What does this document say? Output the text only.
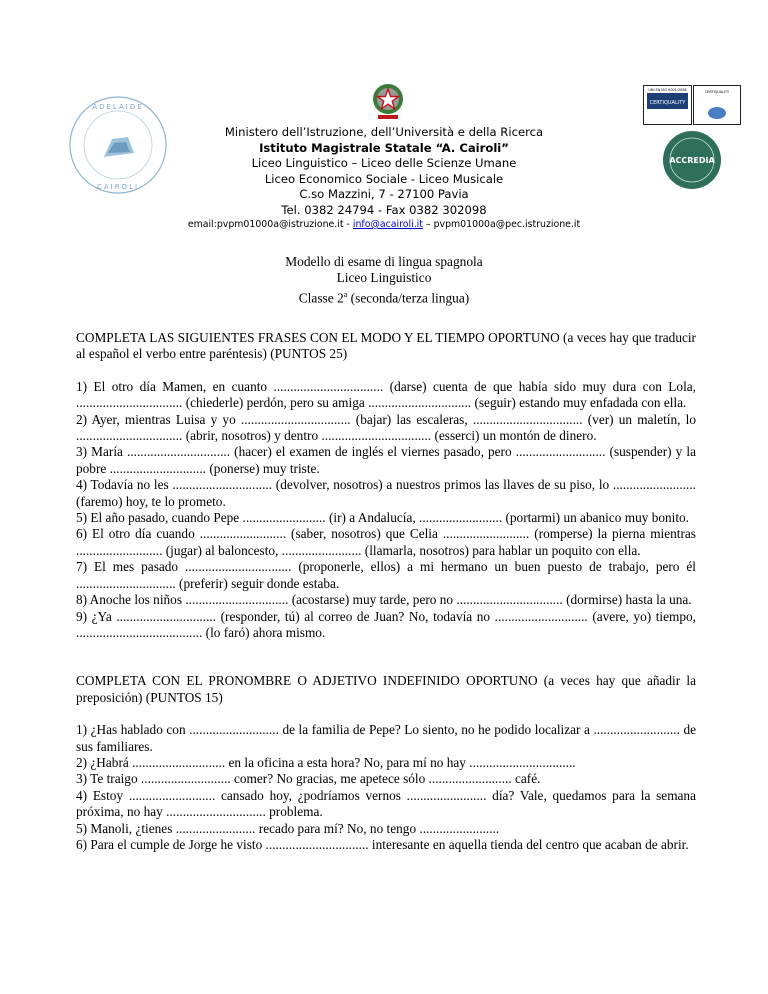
ADELAIDE
CAIROLI
CERTIQUALITY
UNI EN ISO 9001:2008	CERTIQUALITY
ACCREDIA
Ministero dell’Istruzione, dell’Università e della Ricerca
Istituto Magistrale Statale “A. Cairoli”
Liceo Linguistico – Liceo delle Scienze Umane
Liceo Economico Sociale - Liceo Musicale
C.so Mazzini, 7 - 27100 Pavia
Tel. 0382 24794 - Fax 0382 302098
email:pvpm01000a@istruzione.it - info@acairoli.it – pvpm01000a@pec.istruzione.it
Modello di esame di lingua spagnola
Liceo Linguistico
Classe 2$^a$ (seconda/terza lingua)

COMPLETA LAS SIGUIENTES FRASES CON EL MODO Y EL TIEMPO OPORTUNO (a veces hay que traducir al español el verbo entre paréntesis) (PUNTOS 25)

1) El otro día Mamen, en cuanto ................................. (darse) cuenta de que había sido muy dura con Lola, ................................ (chiederle) perdón, pero su amiga ............................... (seguir) estando muy enfadada con ella.

2) Ayer, mientras Luisa y yo ................................. (bajar) las escaleras, ................................. (ver) un maletín, lo ................................ (abrir, nosotros) y dentro ................................. (esserci) un montón de dinero.

3) María ............................... (hacer) el examen de inglés el viernes pasado, pero ........................... (suspender) y la pobre ............................. (ponerse) muy triste.

4) Todavía no les .............................. (devolver, nosotros) a nuestros primos las llaves de su piso, lo ......................... (faremo) hoy, te lo prometo.

5) El año pasado, cuando Pepe ......................... (ir) a Andalucía, ......................... (portarmi) un abanico muy bonito.

6) El otro día cuando .......................... (saber, nosotros) que Celia .......................... (romperse) la pierna mientras .......................... (jugar) al baloncesto, ........................ (llamarla, nosotros) para hablar un poquito con ella.

7) El mes pasado ................................ (proponerle, ellos) a mi hermano un buen puesto de trabajo, pero él .............................. (preferir) seguir donde estaba.

8) Anoche los niños ............................... (acostarse) muy tarde, pero no ................................ (dormirse) hasta la una.

9) ¿Ya .............................. (responder, tú) al correo de Juan? No, todavía no ............................ (avere, yo) tiempo, ...................................... (lo faró) ahora mismo.

COMPLETA CON EL PRONOMBRE O ADJETIVO INDEFINIDO OPORTUNO (a veces hay que añadir la preposición) (PUNTOS 15)

1) ¿Has hablado con ........................... de la familia de Pepe? Lo siento, no he podido localizar a .......................... de sus familiares.

2) ¿Habrá ............................ en la oficina a esta hora? No, para mí no hay ................................

3) Te traigo ........................... comer? No gracias, me apetece sólo ......................... café.

4) Estoy .......................... cansado hoy, ¿podríamos vernos ........................ día? Vale, quedamos para la semana próxima, no hay .............................. problema.

5) Manoli, ¿tienes ........................ recado para mí? No, no tengo ........................

6) Para el cumple de Jorge he visto ............................... interesante en aquella tienda del centro que acaban de abrir.
